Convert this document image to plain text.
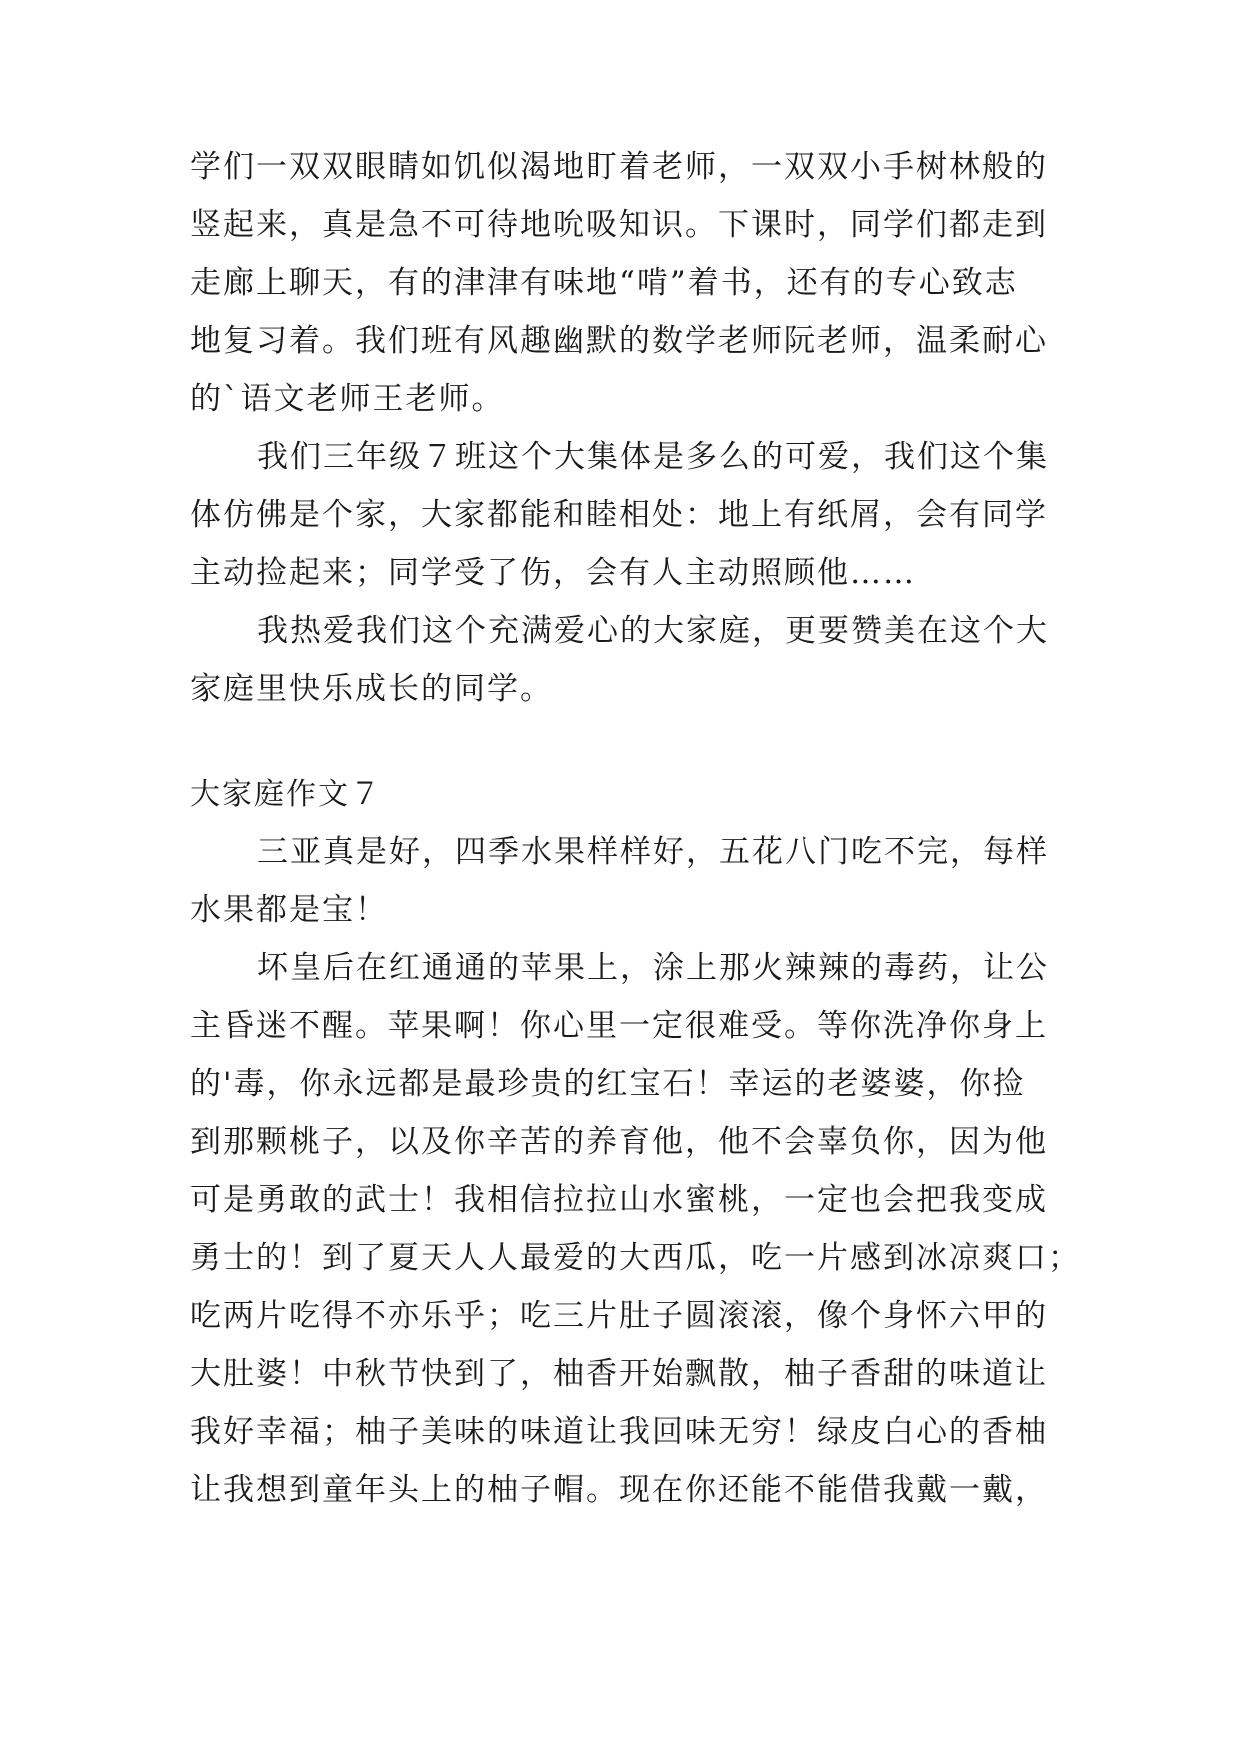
学们一双双眼睛如饥似渴地盯着老师，一双双小手树林般的
竖起来，真是急不可待地吮吸知识。下课时，同学们都走到
走廊上聊天，有的津津有味地“啃”着书，还有的专心致志
地复习着。我们班有风趣幽默的数学老师阮老师，温柔耐心
的`语文老师王老师。
我们三年级７班这个大集体是多么的可爱，我们这个集
体仿佛是个家，大家都能和睦相处：地上有纸屑，会有同学
主动捡起来；同学受了伤，会有人主动照顾他……
我热爱我们这个充满爱心的大家庭，更要赞美在这个大
家庭里快乐成长的同学。
大家庭作文７
三亚真是好，四季水果样样好，五花八门吃不完，每样
水果都是宝！
坏皇后在红通通的苹果上，涂上那火辣辣的毒药，让公
主昏迷不醒。苹果啊！你心里一定很难受。等你洗净你身上
的'毒，你永远都是最珍贵的红宝石！幸运的老婆婆，你捡
到那颗桃子，以及你辛苦的养育他，他不会辜负你，因为他
可是勇敢的武士！我相信拉拉山水蜜桃，一定也会把我变成
勇士的！到了夏天人人最爱的大西瓜，吃一片感到冰凉爽口；
吃两片吃得不亦乐乎；吃三片肚子圆滚滚，像个身怀六甲的
大肚婆！中秋节快到了，柚香开始飘散，柚子香甜的味道让
我好幸福；柚子美味的味道让我回味无穷！绿皮白心的香柚
让我想到童年头上的柚子帽。现在你还能不能借我戴一戴，
